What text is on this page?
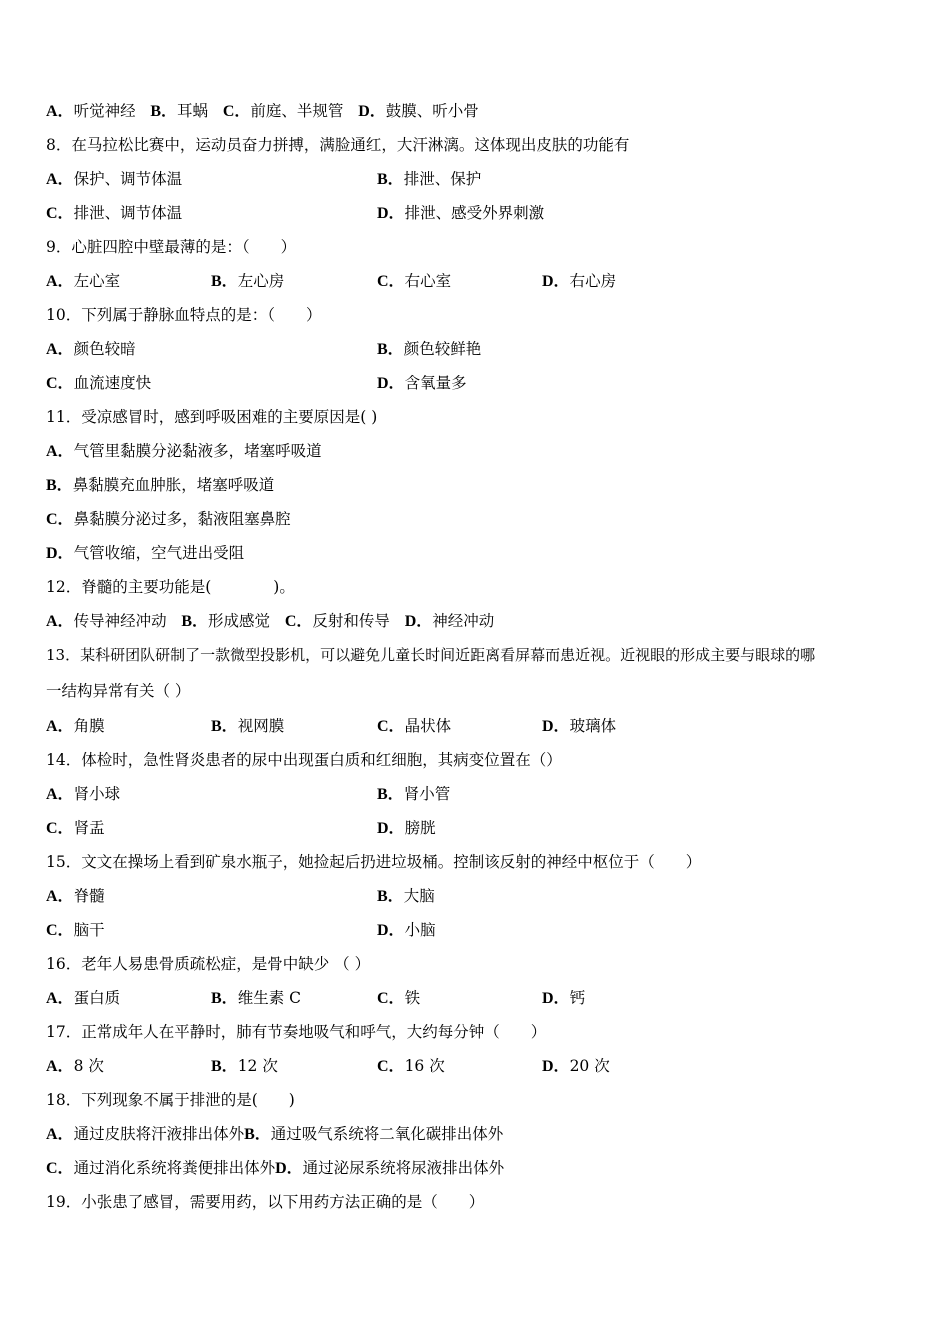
A．听觉神经 B．耳蜗 C．前庭、半规管 D．鼓膜、听小骨
8．在马拉松比赛中，运动员奋力拼搏，满脸通红，大汗淋漓。这体现出皮肤的功能有
A．保护、调节体温	B．排泄、保护
C．排泄、调节体温	D．排泄、感受外界刺激
9．心脏四腔中壁最薄的是：（　　）
A．左心室	B．左心房	C．右心室	D．右心房
10．下列属于静脉血特点的是：（　　）
A．颜色较暗	B．颜色较鲜艳
C．血流速度快	D．含氧量多
11．受凉感冒时，感到呼吸困难的主要原因是( )
A．气管里黏膜分泌黏液多，堵塞呼吸道
B．鼻黏膜充血肿胀，堵塞呼吸道
C．鼻黏膜分泌过多，黏液阻塞鼻腔
D．气管收缩，空气进出受阻
12．脊髓的主要功能是(　　　　)。
A．传导神经冲动 B．形成感觉 C．反射和传导 D．神经冲动
13．某科研团队研制了一款微型投影机，可以避免儿童长时间近距离看屏幕而患近视。近视眼的形成主要与眼球的哪
一结构异常有关（ ）
A．角膜	B．视网膜	C．晶状体	D．玻璃体
14．体检时，急性肾炎患者的尿中出现蛋白质和红细胞，其病变位置在（）
A．肾小球	B．肾小管
C．肾盂	D．膀胱
15．文文在操场上看到矿泉水瓶子，她捡起后扔进垃圾桶。控制该反射的神经中枢位于（　　）
A．脊髓	B．大脑
C．脑干	D．小脑
16．老年人易患骨质疏松症，是骨中缺少 （ ）
A．蛋白质	B．维生素 C	C．铁	D．钙
17．正常成年人在平静时，肺有节奏地吸气和呼气，大约每分钟（　　）
A．8 次	B．12 次	C．16 次	D．20 次
18．下列现象不属于排泄的是(　　)
A．通过皮肤将汗液排出体外B．通过吸气系统将二氧化碳排出体外
C．通过消化系统将粪便排出体外D．通过泌尿系统将尿液排出体外
19．小张患了感冒，需要用药，以下用药方法正确的是（　　）
